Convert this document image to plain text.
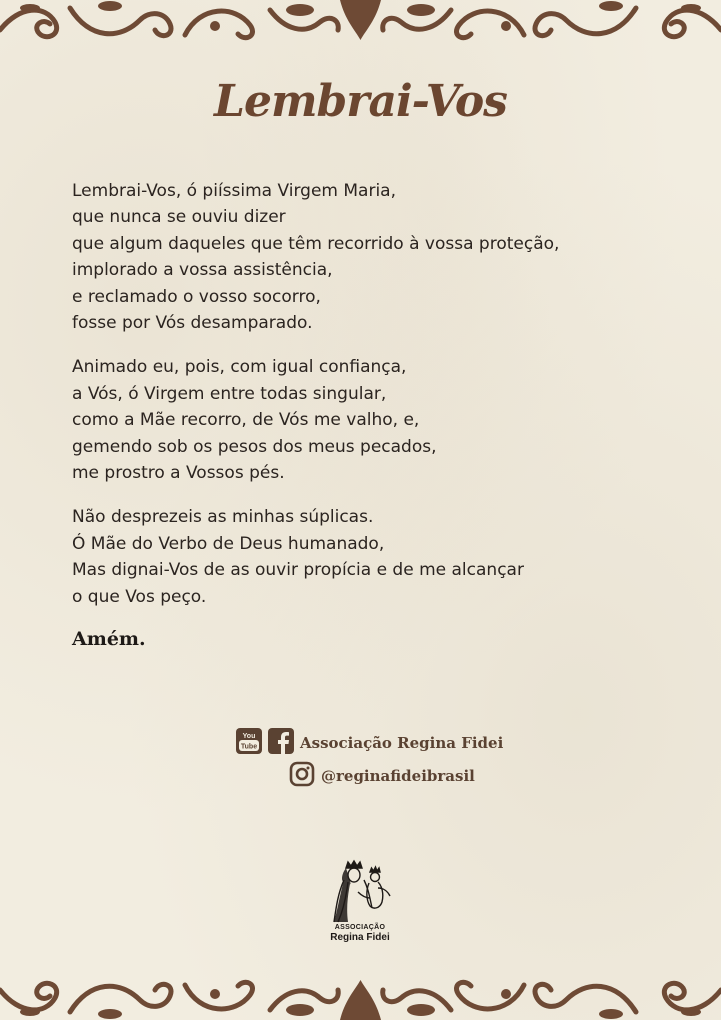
Lembrai-Vos
Lembrai-Vos, ó piíssima Virgem Maria,
que nunca se ouviu dizer
que algum daqueles que têm recorrido à vossa proteção,
implorado a vossa assistência,
e reclamado o vosso socorro,
fosse por Vós desamparado.
Animado eu, pois, com igual confiança,
a Vós, ó Virgem entre todas singular,
como a Mãe recorro, de Vós me valho, e,
gemendo sob os pesos dos meus pecados,
me prostro a Vossos pés.
Não desprezeis as minhas súplicas.
Ó Mãe do Verbo de Deus humanado,
Mas dignai-Vos de as ouvir propícia e de me alcançar
o que Vos peço.
Amém.
You
Tube	Associação Regina Fidei
@reginafideibrasil
ASSOCIAÇÃO
Regina Fidei
